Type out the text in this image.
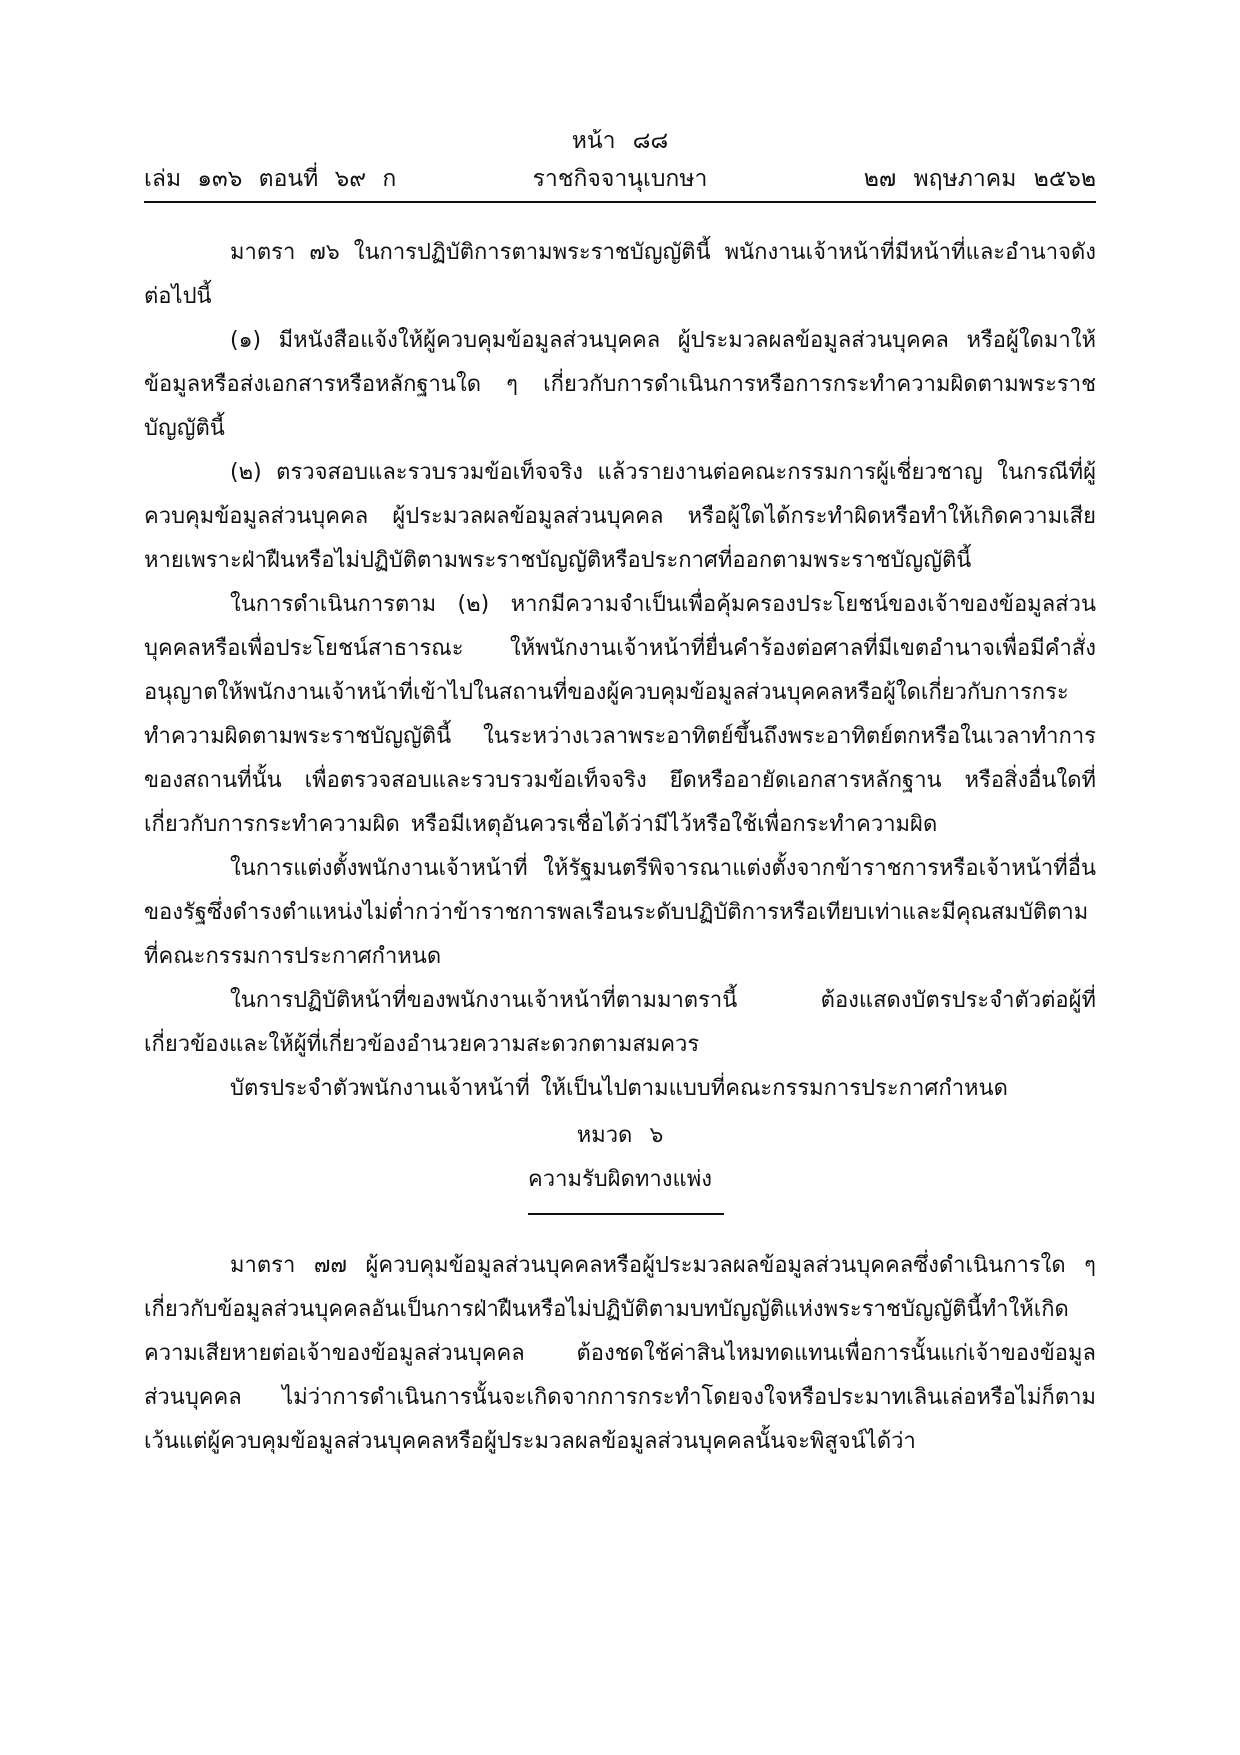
หน้า ๘๘
เล่ม ๑๓๖ ตอนที่ ๖๙ ก	ราชกิจจานุเบกษา	๒๗ พฤษภาคม ๒๕๖๒

มาตรา ๗๖ ในการปฏิบัติการตามพระราชบัญญัตินี้ พนักงานเจ้าหน้าที่มีหน้าที่และอำนาจดังต่อไปนี้

(๑) มีหนังสือแจ้งให้ผู้ควบคุมข้อมูลส่วนบุคคล ผู้ประมวลผลข้อมูลส่วนบุคคล หรือผู้ใดมาให้ข้อมูลหรือส่งเอกสารหรือหลักฐานใด ๆ เกี่ยวกับการดำเนินการหรือการกระทำความผิดตามพระราชบัญญัตินี้

(๒) ตรวจสอบและรวบรวมข้อเท็จจริง แล้วรายงานต่อคณะกรรมการผู้เชี่ยวชาญ ในกรณีที่ผู้ควบคุมข้อมูลส่วนบุคคล ผู้ประมวลผลข้อมูลส่วนบุคคล หรือผู้ใดได้กระทำผิดหรือทำให้เกิดความเสียหายเพราะฝ่าฝืนหรือไม่ปฏิบัติตามพระราชบัญญัติหรือประกาศที่ออกตามพระราชบัญญัตินี้

ในการดำเนินการตาม (๒) หากมีความจำเป็นเพื่อคุ้มครองประโยชน์ของเจ้าของข้อมูลส่วนบุคคลหรือเพื่อประโยชน์สาธารณะ ให้พนักงานเจ้าหน้าที่ยื่นคำร้องต่อศาลที่มีเขตอำนาจเพื่อมีคำสั่งอนุญาตให้พนักงานเจ้าหน้าที่เข้าไปในสถานที่ของผู้ควบคุมข้อมูลส่วนบุคคลหรือผู้ใดเกี่ยวกับการกระทำความผิดตามพระราชบัญญัตินี้ ในระหว่างเวลาพระอาทิตย์ขึ้นถึงพระอาทิตย์ตกหรือในเวลาทำการของสถานที่นั้น เพื่อตรวจสอบและรวบรวมข้อเท็จจริง ยึดหรืออายัดเอกสารหลักฐาน หรือสิ่งอื่นใดที่เกี่ยวกับการกระทำความผิด หรือมีเหตุอันควรเชื่อได้ว่ามีไว้หรือใช้เพื่อกระทำความผิด

ในการแต่งตั้งพนักงานเจ้าหน้าที่ ให้รัฐมนตรีพิจารณาแต่งตั้งจากข้าราชการหรือเจ้าหน้าที่อื่นของรัฐซึ่งดำรงตำแหน่งไม่ต่ำกว่าข้าราชการพลเรือนระดับปฏิบัติการหรือเทียบเท่าและมีคุณสมบัติตามที่คณะกรรมการประกาศกำหนด

ในการปฏิบัติหน้าที่ของพนักงานเจ้าหน้าที่ตามมาตรานี้ ต้องแสดงบัตรประจำตัวต่อผู้ที่เกี่ยวข้องและให้ผู้ที่เกี่ยวข้องอำนวยความสะดวกตามสมควร

บัตรประจำตัวพนักงานเจ้าหน้าที่ ให้เป็นไปตามแบบที่คณะกรรมการประกาศกำหนด

หมวด ๖
ความรับผิดทางแพ่ง

มาตรา ๗๗ ผู้ควบคุมข้อมูลส่วนบุคคลหรือผู้ประมวลผลข้อมูลส่วนบุคคลซึ่งดำเนินการใด ๆ เกี่ยวกับข้อมูลส่วนบุคคลอันเป็นการฝ่าฝืนหรือไม่ปฏิบัติตามบทบัญญัติแห่งพระราชบัญญัตินี้ทำให้เกิดความเสียหายต่อเจ้าของข้อมูลส่วนบุคคล ต้องชดใช้ค่าสินไหมทดแทนเพื่อการนั้นแก่เจ้าของข้อมูลส่วนบุคคล ไม่ว่าการดำเนินการนั้นจะเกิดจากการกระทำโดยจงใจหรือประมาทเลินเล่อหรือไม่ก็ตาม เว้นแต่ผู้ควบคุมข้อมูลส่วนบุคคลหรือผู้ประมวลผลข้อมูลส่วนบุคคลนั้นจะพิสูจน์ได้ว่า
